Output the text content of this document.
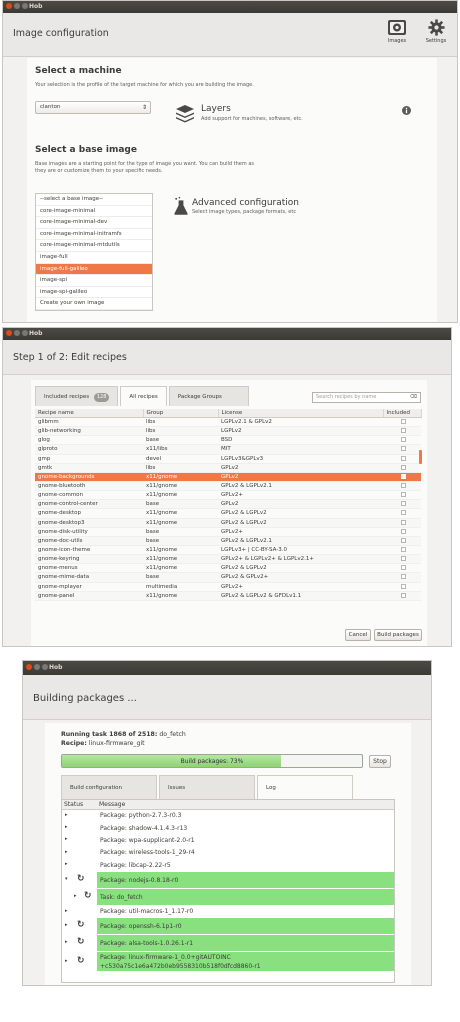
Hob
Image configuration
Images	Settings
Select a machine
Your selection is the profile of the target machine for which you are building the image.
clanton	⇕	Layers
Add support for machines, software, etc.
Select a base image
Base images are a starting point for the type of image you want. You can build them as
they are or customize them to your specific needs.
--select a base image--
core-image-minimal
core-image-minimal-dev
core-image-minimal-initramfs
core-image-minimal-mtdutils
image-full
image-full-galileo
image-spi
image-spi-galileo
Create your own image
Advanced configuration
Select image types, package formats, etc
Hob
Step 1 of 2: Edit recipes
Included recipes 128	All recipes	Package Groups	Search recipes by name	⌫
Recipe name	Group	License	Included
glibmm	libs	LGPLv2.1 & GPLv2	
glib-networking	libs	LGPLv2	
glog	base	BSD	
glproto	x11/libs	MIT	
gmp	devel	LGPLv3&GPLv3	
gmtk	libs	GPLv2	
gnome-backgrounds	x11/gnome	GPLv2	
gnome-bluetooth	x11/gnome	GPLv2 & LGPLv2.1	
gnome-common	x11/gnome	GPLv2+	
gnome-control-center	base	GPLv2	
gnome-desktop	x11/gnome	GPLv2 & LGPLv2	
gnome-desktop3	x11/gnome	GPLv2 & LGPLv2	
gnome-disk-utility	base	GPLv2+	
gnome-doc-utils	base	GPLv2 & LGPLv2.1	
gnome-icon-theme	x11/gnome	LGPLv3+ | CC-BY-SA-3.0	
gnome-keyring	x11/gnome	GPLv2+ & LGPLv2+ & LGPLv2.1+	
gnome-menus	x11/gnome	GPLv2 & LGPLv2	
gnome-mime-data	base	GPLv2 & GPLv2+	
gnome-mplayer	multimedia	GPLv2+	
gnome-panel	x11/gnome	GPLv2 & LGPLv2 & GFDLv1.1	
Cancel	Build packages
Hob
Building packages ...
Running task 1868 of 2518: do_fetch
Recipe: linux-firmware_git
Build packages: 73%	Stop
Build configuration	Issues	Log
Status	Message
▸	Package: python-2.7.3-r0.3
▸	Package: shadow-4.1.4.3-r13
▸	Package: wpa-supplicant-2.0-r1
▸	Package: wireless-tools-1_29-r4
▸	Package: libcap-2.22-r5
▾ ↻	Package: nodejs-0.8.18-r0
▸ ↻ Task: do_fetch
▸	Package: util-macros-1_1.17-r0
▸ ↻	Package: openssh-6.1p1-r0
▸ ↻	Package: alsa-tools-1.0.26.1-r1
▸ ↻	Package: linux-firmware-1_0.0+gitAUTOINC
+c530a75c1e6a472b0eb9558310b518f0dfcd8860-r1
